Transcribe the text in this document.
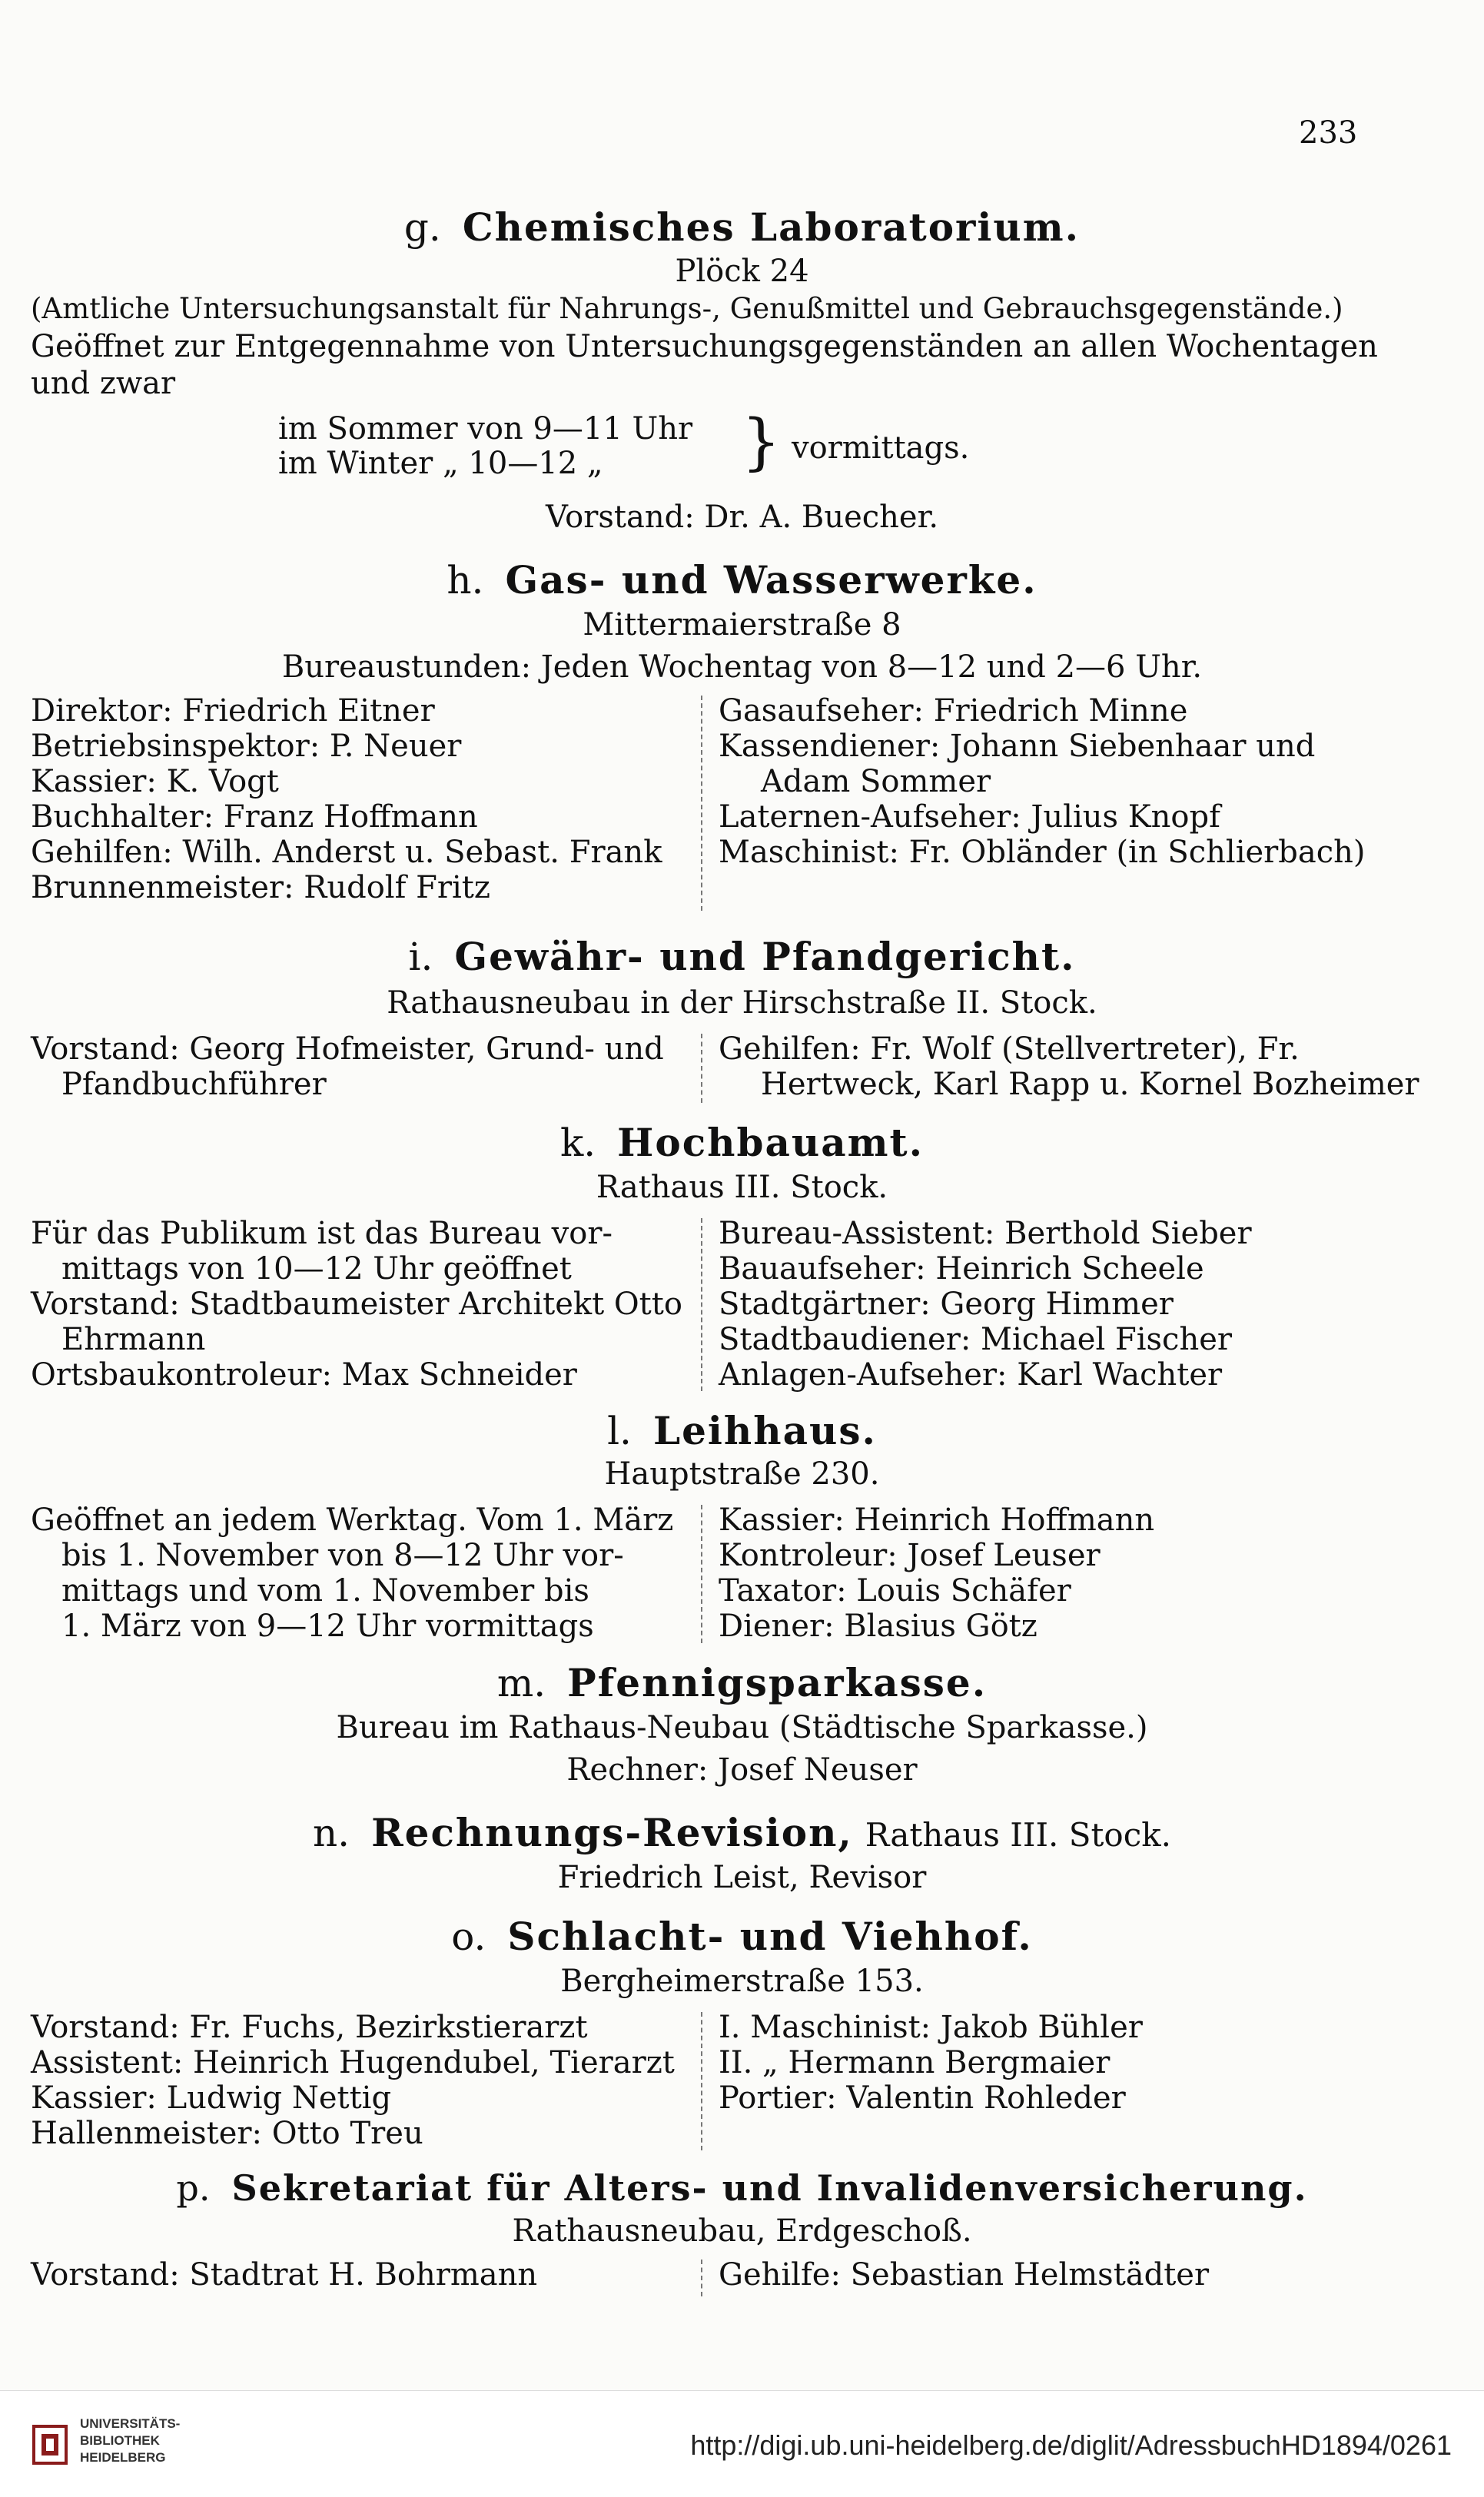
233
g. Chemisches Laboratorium.
Plöck 24
(Amtliche Untersuchungsanstalt für Nahrungs-, Genußmittel und Gebrauchsgegenstände.)
Geöffnet zur Entgegennahme von Untersuchungsgegenständen an allen Wochentagen
und zwar
im Sommer von 9—11 Uhr
im Winter „ 10—12 „ } vormittags.
Vorstand: Dr. A. Buecher.
h. Gas- und Wasserwerke.
Mittermaierstraße 8
Bureaustunden: Jeden Wochentag von 8—12 und 2—6 Uhr.
Direktor: Friedrich Eitner
Betriebsinspektor: P. Neuer
Kassier: K. Vogt
Buchhalter: Franz Hoffmann
Gehilfen: Wilh. Anderst u. Sebast. Frank
Brunnenmeister: Rudolf Fritz
Gasaufseher: Friedrich Minne
Kassendiener: Johann Siebenhaar und
Adam Sommer
Laternen-Aufseher: Julius Knopf
Maschinist: Fr. Obländer (in Schlierbach)
i. Gewähr- und Pfandgericht.
Rathausneubau in der Hirschstraße II. Stock.
Vorstand: Georg Hofmeister, Grund- und
Pfandbuchführer
Gehilfen: Fr. Wolf (Stellvertreter), Fr.
Hertweck, Karl Rapp u. Kornel Bozheimer
k. Hochbauamt.
Rathaus III. Stock.
Für das Publikum ist das Bureau vor-
mittags von 10—12 Uhr geöffnet
Vorstand: Stadtbaumeister Architekt Otto
Ehrmann
Ortsbaukontroleur: Max Schneider
Bureau-Assistent: Berthold Sieber
Bauaufseher: Heinrich Scheele
Stadtgärtner: Georg Himmer
Stadtbaudiener: Michael Fischer
Anlagen-Aufseher: Karl Wachter
l. Leihhaus.
Hauptstraße 230.
Geöffnet an jedem Werktag. Vom 1. März
bis 1. November von 8—12 Uhr vor-
mittags und vom 1. November bis
1. März von 9—12 Uhr vormittags
Kassier: Heinrich Hoffmann
Kontroleur: Josef Leuser
Taxator: Louis Schäfer
Diener: Blasius Götz
m. Pfennigsparkasse.
Bureau im Rathaus-Neubau (Städtische Sparkasse.)
Rechner: Josef Neuser
n. Rechnungs-Revision, Rathaus III. Stock.
Friedrich Leist, Revisor
o. Schlacht- und Viehhof.
Bergheimerstraße 153.
Vorstand: Fr. Fuchs, Bezirkstierarzt
Assistent: Heinrich Hugendubel, Tierarzt
Kassier: Ludwig Nettig
Hallenmeister: Otto Treu
I. Maschinist: Jakob Bühler
II. „ Hermann Bergmaier
Portier: Valentin Rohleder
p. Sekretariat für Alters- und Invalidenversicherung.
Rathausneubau, Erdgeschoß.
Vorstand: Stadtrat H. Bohrmann	Gehilfe: Sebastian Helmstädter
UNIVERSITÄTS-
BIBLIOTHEK
HEIDELBERG	http://digi.ub.uni-heidelberg.de/diglit/AdressbuchHD1894/0261
